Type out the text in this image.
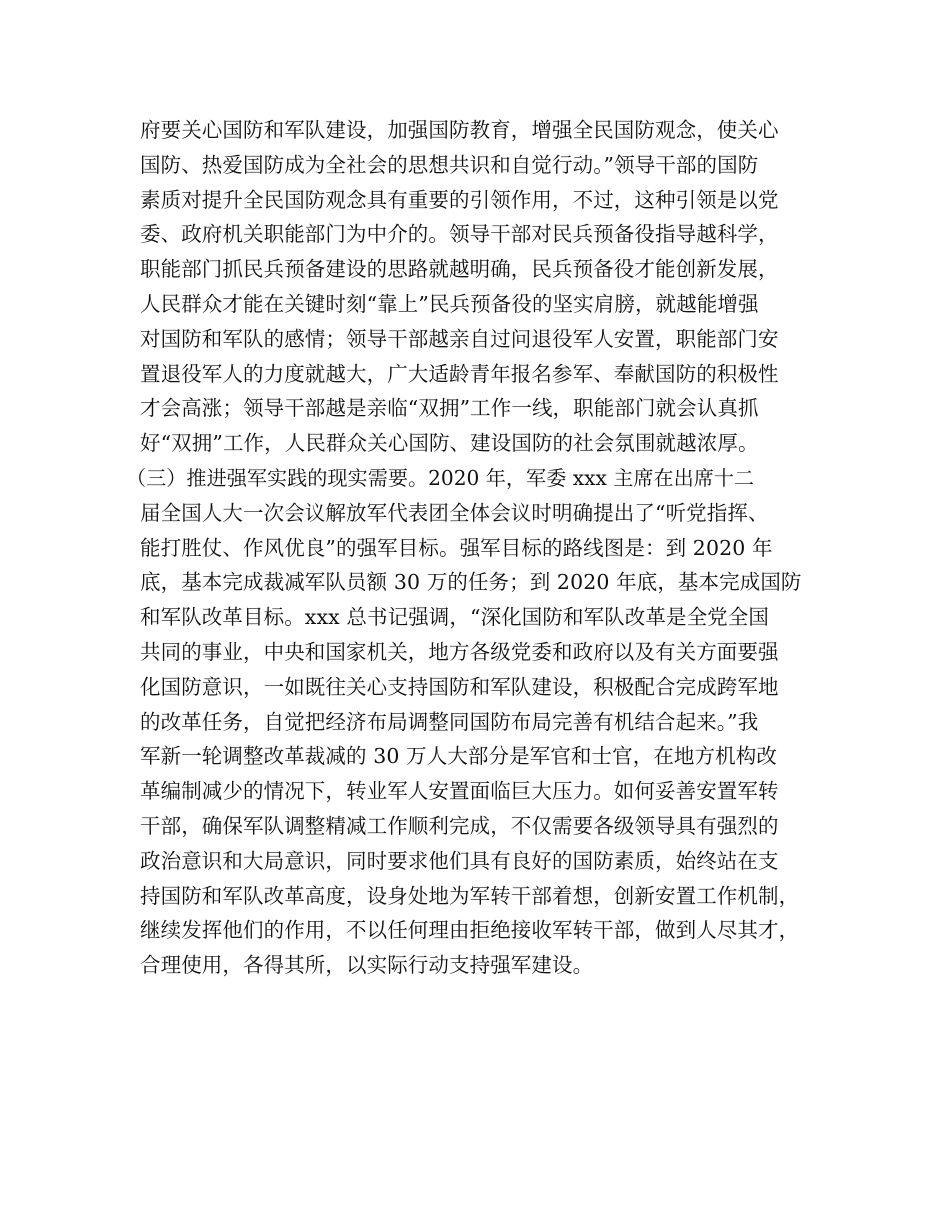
府要关心国防和军队建设，加强国防教育，增强全民国防观念，使关心
国防、热爱国防成为全社会的思想共识和自觉行动。”领导干部的国防
素质对提升全民国防观念具有重要的引领作用，不过，这种引领是以党
委、政府机关职能部门为中介的。领导干部对民兵预备役指导越科学，
职能部门抓民兵预备建设的思路就越明确，民兵预备役才能创新发展，
人民群众才能在关键时刻“靠上”民兵预备役的坚实肩膀，就越能增强
对国防和军队的感情；领导干部越亲自过问退役军人安置，职能部门安
置退役军人的力度就越大，广大适龄青年报名参军、奉献国防的积极性
才会高涨；领导干部越是亲临“双拥”工作一线，职能部门就会认真抓
好“双拥”工作，人民群众关心国防、建设国防的社会氛围就越浓厚。
（三）推进强军实践的现实需要。2020 年，军委 xxx 主席在出席十二
届全国人大一次会议解放军代表团全体会议时明确提出了“听党指挥、
能打胜仗、作风优良”的强军目标。强军目标的路线图是：到 2020 年
底，基本完成裁减军队员额 30 万的任务；到 2020 年底，基本完成国防
和军队改革目标。xxx 总书记强调，“深化国防和军队改革是全党全国
共同的事业，中央和国家机关，地方各级党委和政府以及有关方面要强
化国防意识，一如既往关心支持国防和军队建设，积极配合完成跨军地
的改革任务，自觉把经济布局调整同国防布局完善有机结合起来。”我
军新一轮调整改革裁减的 30 万人大部分是军官和士官，在地方机构改
革编制减少的情况下，转业军人安置面临巨大压力。如何妥善安置军转
干部，确保军队调整精减工作顺利完成，不仅需要各级领导具有强烈的
政治意识和大局意识，同时要求他们具有良好的国防素质，始终站在支
持国防和军队改革高度，设身处地为军转干部着想，创新安置工作机制，
继续发挥他们的作用，不以任何理由拒绝接收军转干部，做到人尽其才，
合理使用，各得其所，以实际行动支持强军建设。
